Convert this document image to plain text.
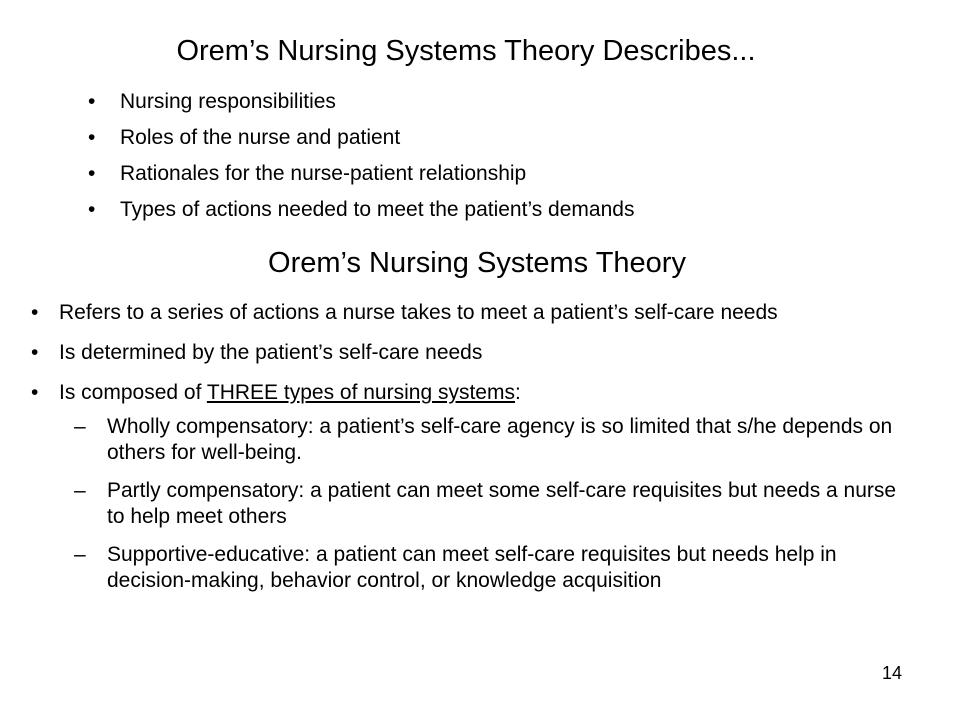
Orem’s Nursing Systems Theory Describes...
•	Nursing responsibilities
•	Roles of the nurse and patient
•	Rationales for the nurse-patient relationship
•	Types of actions needed to meet the patient’s demands
Orem’s Nursing Systems Theory
• Refers to a series of actions a nurse takes to meet a patient’s self-care needs
• Is determined by the patient’s self-care needs
• Is composed of THREE types of nursing systems:
–	Wholly compensatory: a patient’s self-care agency is so limited that s/he depends on others for well-being.
–	Partly compensatory: a patient can meet some self-care requisites but needs a nurse to help meet others
–	Supportive-educative: a patient can meet self-care requisites but needs help in decision-making, behavior control, or knowledge acquisition
14
